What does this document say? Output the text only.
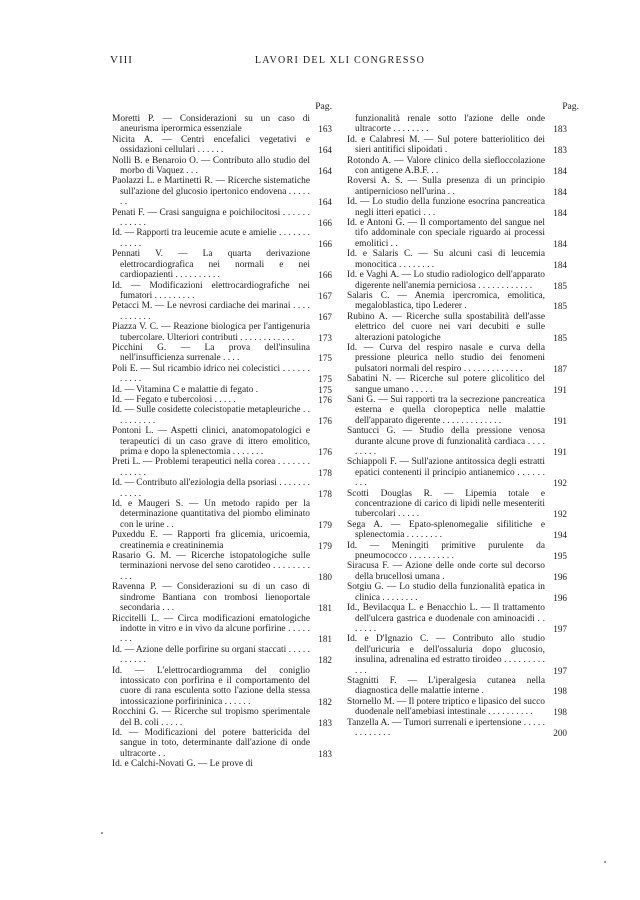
VIII	LAVORI DEL XLI CONGRESSO
Pag.
Moretti P. — Considerazioni su un caso di aneurisma iperormica essenziale	163
Nicita A. — Centri encefalici vegetativi e ossidazioni cellulari . . . . . .	164
Nolli B. e Benaroio O. — Contributo allo studio del morbo di Vaquez . . .	164
Paolazzi L. e Martinetti R. — Ricerche sistematiche sull'azione del glucosio ipertonico endovena . . . . . . .	164
Penati F. — Crasi sanguigna e poichilocitosi . . . . . . . . . . . .	166
Id. — Rapporti tra leucemie acute e amielie . . . . . . . . . . . .	166
Pennati V. — La quarta derivazione elettrocardiografica nei normali e nei cardiopazienti . . . . . . . . . .	166
Id. — Modificazioni elettrocardiografiche nei fumatori . . . . . . . . .	167
Petacci M. — Le nevrosi cardiache dei marinai . . . . . . . . . . .	167
Piazza V. C. — Reazione biologica per l'antigenuria tubercolare. Ulteriori contributi . . . . . . . . . . . .	173
Picchini G. — La prova dell'insulina nell'insufficienza surrenale . . . .	175
Poli E. — Sul ricambio idrico nei colecistici . . . . . . . . . . .	175
Id. — Vitamina C e malattie di fegato .	175
Id. — Fegato e tubercolosi . . . . .	176
Id. — Sulle cosidette colecistopatie metapleuriche . . . . . . . . . .	176
Pontoni L. — Aspetti clinici, anatomopatologici e terapeutici di un caso grave di ittero emolitico, prima e dopo la splenectomia . . . . . . .	176
Preti L. — Problemi terapeutici nella corea . . . . . . . . . . . . .	178
Id. — Contributo all'eziologia della psoriasi . . . . . . . . . . . .	178
Id. e Maugeri S. — Un metodo rapido per la determinazione quantitativa del piombo eliminato con le urine . .	179
Puxeddu E. — Rapporti fra glicemia, uricoemia, creatinemia e creatininemia	179
Rasario G. M. — Ricerche istopatologiche sulle terminazioni nervose del seno carotideo . . . . . . . . . . .	180
Ravenna P. — Considerazioni su di un caso di sindrome Bantiana con trombosi lienoportale secondaria . . .	181
Riccitelli L. — Circa modificazioni ematologiche indotte in vitro e in vivo da alcune porfirine . . . . . . . .	181
Id. — Azione delle porfirine su organi staccati . . . . . . . . . . .	182
Id. — L'elettrocardiogramma del coniglio intossicato con porfirina e il comportamento del cuore di rana esculenta sotto l'azione della stessa intossicazione porfirininica . . . . . .	182
Rocchini G. — Ricerche sul tropismo sperimentale del B. coli . . . . .	183
Id. — Modificazioni del potere battericida del sangue in toto, determinante dall'azione di onde ultracorte . .	183
Id. e Calchi-Novati G. — Le prove di
Pag.
funzionalità renale sotto l'azione delle onde ultracorte . . . . . . . .	183
Id. e Calabresi M. — Sul potere batteriolitico dei sieri antitifici slipoidati .	183
Rotondo A. — Valore clinico della siefloccolazione con antigene A.B.F. . .	184
Roversi A. S. — Sulla presenza di un principio antipernicioso nell'urina . .	184
Id. — Lo studio della funzione esocrina pancreatica negli itteri epatici . . .	184
Id. e Antoni G. — Il comportamento del sangue nel tifo addominale con speciale riguardo ai processi emolitici . .	184
Id. e Salaris C. — Su alcuni casi di leucemia monocitica . . . . . . . .	184
Id. e Vaghi A. — Lo studio radiologico dell'apparato digerente nell'anemia perniciosa . . . . . . . . . . . .	185
Salaris C. — Anemia ipercromica, emolitica, megaloblastica, tipo Lederer .	185
Rubino A. — Ricerche sulla spostabilità dell'asse elettrico del cuore nei vari decubiti e sulle alterazioni patologiche	185
Id. — Curva del respiro nasale e curva della pressione pleurica nello studio dei fenomeni pulsatori normali del respiro . . . . . . . . . . . . .	187
Sabatini N. — Ricerche sul potere glicolitico del sangue umano . . . . .	191
Sani G. — Sui rapporti tra la secrezione pancreatica esterna e quella cloropeptica nelle malattie dell'apparato digerente . . . . . . . . . . . . .	191
Santucci G. — Studio della pressione venosa durante alcune prove di funzionalità cardiaca . . . . . . . . .	191
Schiappoli F. — Sull'azione antitossica degli estratti epatici contenenti il principio antianemico . . . . . . . . .	192
Scotti Douglas R. — Lipemia totale e concentrazione di carico di lipidi nelle mesenteriti tubercolari . . . . .	192
Sega A. — Epato-splenomegalie sifilitiche e splenectomia . . . . . . . .	194
Id. — Meningiti primitive purulente da pneumococco . . . . . . . . . .	195
Siracusa F. — Azione delle onde corte sul decorso della brucellosi umana .	196
Sotgiu G. — Lo studio della funzionalità epatica in clinica . . . . . . . .	196
Id., Bevilacqua L. e Benacchio L. — Il trattamento dell'ulcera gastrica e duodenale con aminoacidi . . . . . . .	197
Id. e D'Ignazio C. — Contributo allo studio dell'uricuria e dell'ossaluria dopo glucosio, insulina, adrenalina ed estratto tiroideo . . . . . . . . . . . .	197
Stagnitti F. — L'iperalgesia cutanea nella diagnostica delle malattie interne .	198
Stornello M. — Il potere triptico e lipasico del succo duodenale nell'amebiasi intestinale . . . . . . . . . .	198
Tanzella A. — Tumori surrenali e ipertensione . . . . . . . . . . . . .	200
